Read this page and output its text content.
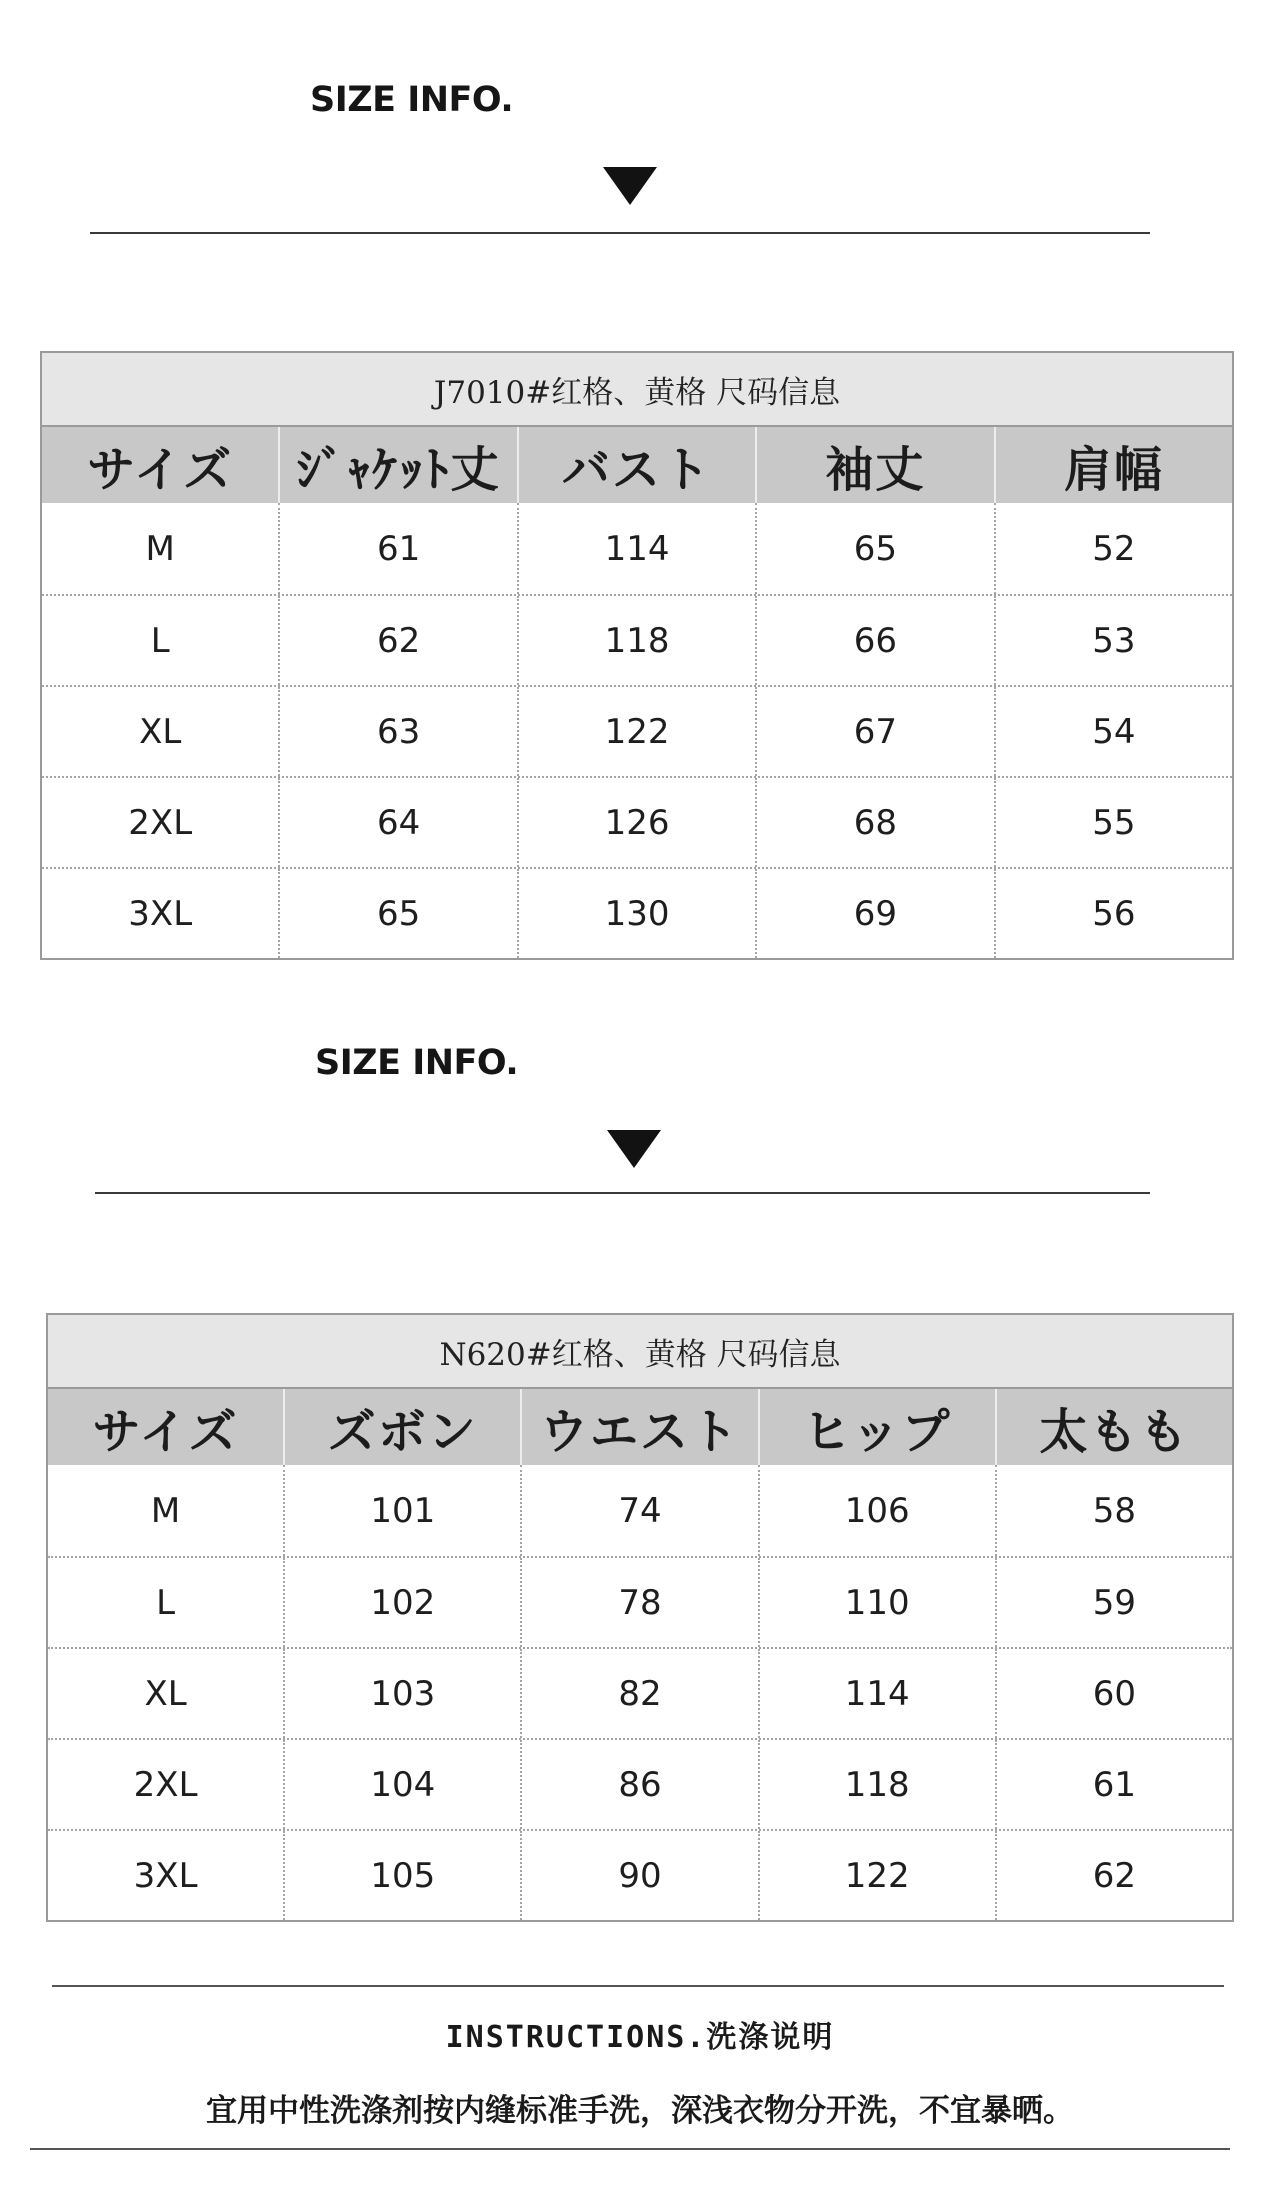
SIZE INFO.
J7010#红格、黄格 尺码信息
サイズ	ｼﾞｬｹｯﾄ丈	バスト	袖丈	肩幅
M	61	114	65	52
L	62	118	66	53
XL	63	122	67	54
2XL	64	126	68	55
3XL	65	130	69	56
SIZE INFO.
N620#红格、黄格 尺码信息
サイズ	ズボン	ウエスト	ヒップ	太もも
M	101	74	106	58
L	102	78	110	59
XL	103	82	114	60
2XL	104	86	118	61
3XL	105	90	122	62
INSTRUCTIONS.洗涤说明
宜用中性洗涤剂按内缝标准手洗，深浅衣物分开洗，不宜暴晒。
